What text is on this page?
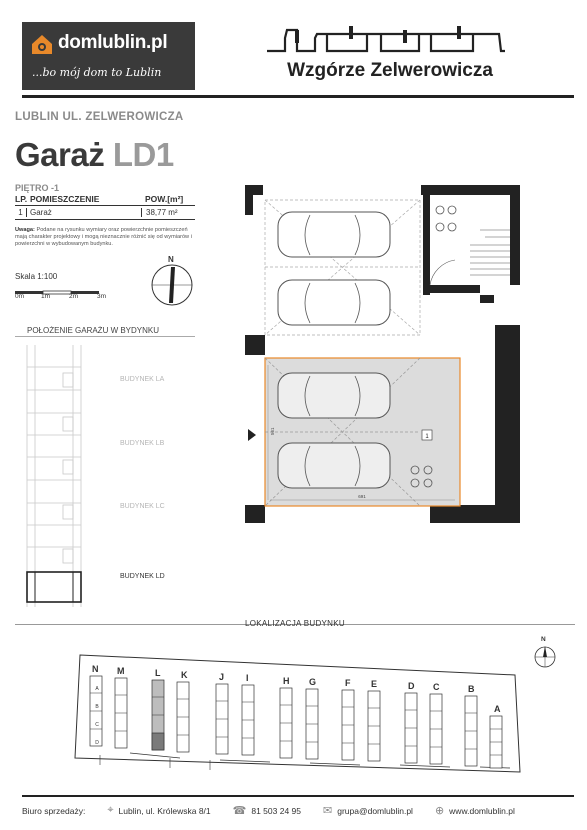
domlublin.pl
...bo mój dom to Lublin	Wzgórze Zelwerowicza
LUBLIN UL. ZELWEROWICZA
Garaż LD1
PIĘTRO -1
LP. POMIESZCZENIE	POW.[m²]
1 Garaż	38,77 m²
Uwaga: Podane na rysunku wymiary oraz powierzchnie pomieszczeń mają charakter projektowy i mogą nieznacznie różnić się od wymiarów i powierzchni w wybudowanym budynku.
Skala 1:100
0m	1m	2m	3m
N
POŁOŻENIE GARAŻU W BYDYNKU
BUDYNEK LA
BUDYNEK LB
BUDYNEK LC
BUDYNEK LD
1
691
561
LOKALIZACJA BUDYNKU
N M	L K	J I	H G	F E	D C	B
A
A
B
C
D
N
Biuro sprzedaży: ⌖ Lublin, ul. Królewska 8/1 ☎ 81 503 24 95 ✉ grupa@domlublin.pl ⊕ www.domlublin.pl
